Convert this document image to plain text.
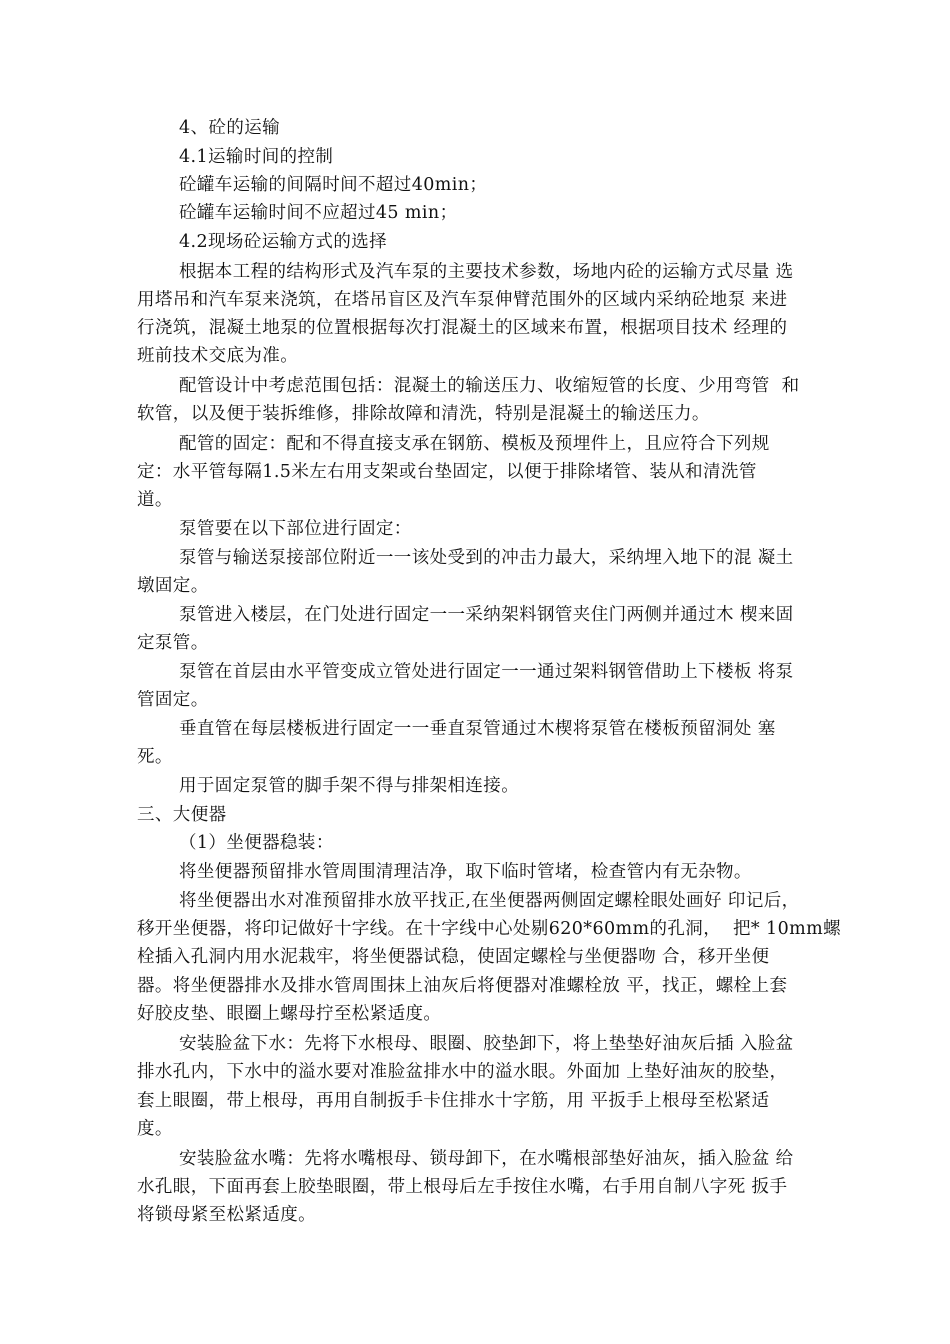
4、砼的运输
4.1运输时间的控制
砼罐车运输的间隔时间不超过40min；
砼罐车运输时间不应超过45 min；
4.2现场砼运输方式的选择
根据本工程的结构形式及汽车泵的主要技术参数，场地内砼的运输方式尽量 选
用塔吊和汽车泵来浇筑，在塔吊盲区及汽车泵伸臂范围外的区域内采纳砼地泵 来进
行浇筑，混凝土地泵的位置根据每次打混凝土的区域来布置，根据项目技术 经理的
班前技术交底为准。
配管设计中考虑范围包括：混凝土的输送压力、收缩短管的长度、少用弯管  和
软管，以及便于装拆维修，排除故障和清洗，特别是混凝土的输送压力。
配管的固定：配和不得直接支承在钢筋、模板及预埋件上，且应符合下列规
定：水平管每隔1.5米左右用支架或台垫固定，以便于排除堵管、装从和清洗管
道。
泵管要在以下部位进行固定：
泵管与输送泵接部位附近一一该处受到的冲击力最大，采纳埋入地下的混 凝土
墩固定。
泵管进入楼层，在门处进行固定一一采纳架料钢管夹住门两侧并通过木 楔来固
定泵管。
泵管在首层由水平管变成立管处进行固定一一通过架料钢管借助上下楼板 将泵
管固定。
垂直管在每层楼板进行固定一一垂直泵管通过木楔将泵管在楼板预留洞处 塞
死。
用于固定泵管的脚手架不得与排架相连接。
三、大便器
（1）坐便器稳装：
将坐便器预留排水管周围清理洁净，取下临时管堵，检查管内有无杂物。
将坐便器出水对准预留排水放平找正,在坐便器两侧固定螺栓眼处画好 印记后，
移开坐便器，将印记做好十字线。在十字线中心处剔620*60mm的孔洞，  把* 10mm螺
栓插入孔洞内用水泥栽牢，将坐便器试稳，使固定螺栓与坐便器吻 合，移开坐便
器。将坐便器排水及排水管周围抹上油灰后将便器对准螺栓放 平，找正，螺栓上套
好胶皮垫、眼圈上螺母拧至松紧适度。
安装脸盆下水：先将下水根母、眼圈、胶垫卸下，将上垫垫好油灰后插 入脸盆
排水孔内，下水中的溢水要对准脸盆排水中的溢水眼。外面加 上垫好油灰的胶垫，
套上眼圈，带上根母，再用自制扳手卡住排水十字筋，用 平扳手上根母至松紧适
度。
安装脸盆水嘴：先将水嘴根母、锁母卸下，在水嘴根部垫好油灰，插入脸盆 给
水孔眼，下面再套上胶垫眼圈，带上根母后左手按住水嘴，右手用自制八字死 扳手
将锁母紧至松紧适度。
